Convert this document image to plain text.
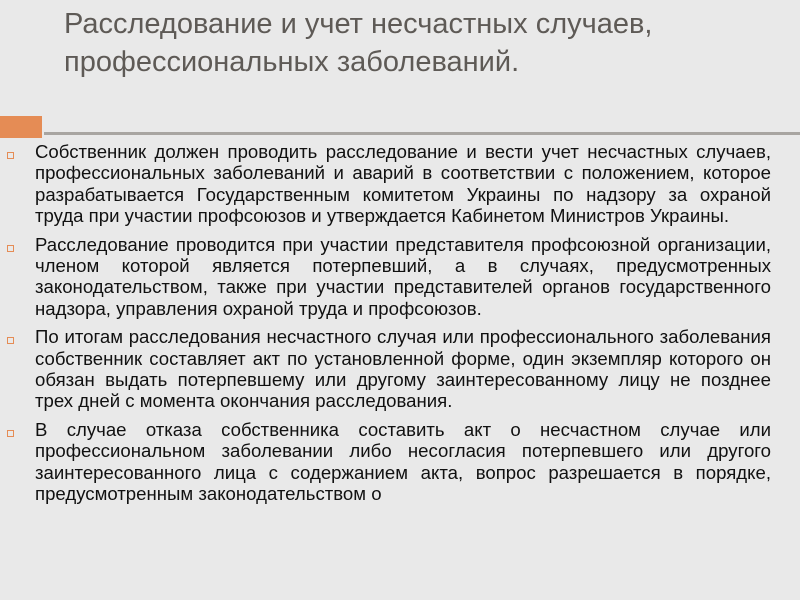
Расследование и учет несчастных случаев, профессиональных заболеваний.

Собственник должен проводить расследование и вести учет несчастных случаев, профессиональных заболеваний и аварий в соответствии с положением, которое разрабатывается Государственным комитетом Украины по надзору за охраной труда при участии профсоюзов и утверждается Кабинетом Министров Украины.

Расследование проводится при участии представителя профсоюзной организации, членом которой является потерпевший, а в случаях, предусмотренных законодательством, также при участии представителей органов государственного надзора, управления охраной труда и профсоюзов.

По итогам расследования несчастного случая или профессионального заболевания собственник составляет акт по установленной форме, один экземпляр которого он обязан выдать потерпевшему или другому заинтересованному лицу не позднее трех дней с момента окончания расследования.

В случае отказа собственника составить акт о несчастном случае или профессиональном заболевании либо несогласия потерпевшего или другого заинтересованного лица с содержанием акта, вопрос разрешается в порядке, предусмотренным законодательством о
